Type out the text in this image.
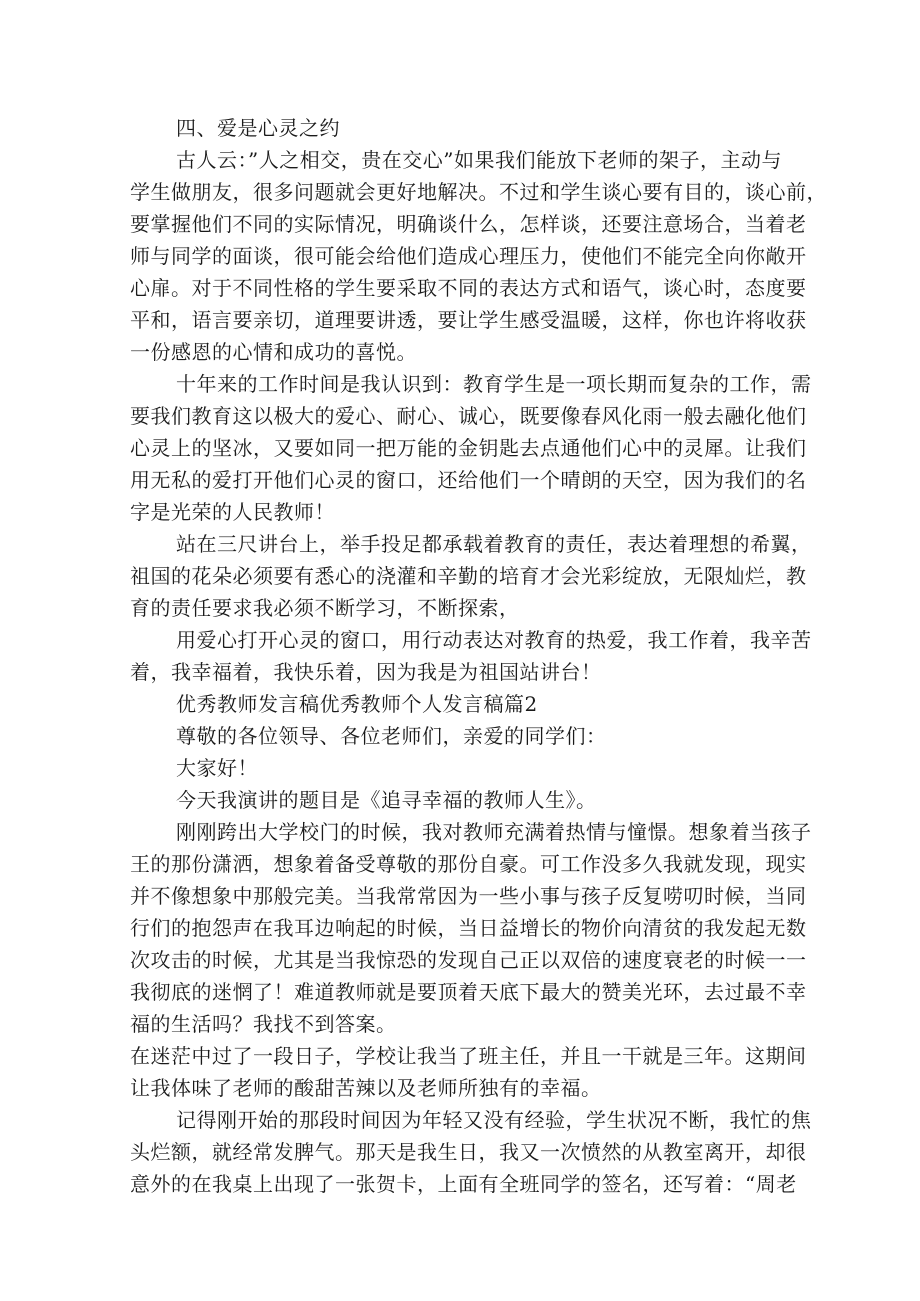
四、爱是心灵之约
古人云：”人之相交，贵在交心”如果我们能放下老师的架子，主动与
学生做朋友，很多问题就会更好地解决。不过和学生谈心要有目的，谈心前，
要掌握他们不同的实际情况，明确谈什么，怎样谈，还要注意场合，当着老
师与同学的面谈，很可能会给他们造成心理压力，使他们不能完全向你敞开
心扉。对于不同性格的学生要采取不同的表达方式和语气，谈心时，态度要
平和，语言要亲切，道理要讲透，要让学生感受温暖，这样，你也许将收获
一份感恩的心情和成功的喜悦。
十年来的工作时间是我认识到：教育学生是一项长期而复杂的工作，需
要我们教育这以极大的爱心、耐心、诚心，既要像春风化雨一般去融化他们
心灵上的坚冰，又要如同一把万能的金钥匙去点通他们心中的灵犀。让我们
用无私的爱打开他们心灵的窗口，还给他们一个晴朗的天空，因为我们的名
字是光荣的人民教师！
站在三尺讲台上，举手投足都承载着教育的责任，表达着理想的希翼，
祖国的花朵必须要有悉心的浇灌和辛勤的培育才会光彩绽放，无限灿烂，教
育的责任要求我必须不断学习，不断探索，
用爱心打开心灵的窗口，用行动表达对教育的热爱，我工作着，我辛苦
着，我幸福着，我快乐着，因为我是为祖国站讲台！
优秀教师发言稿优秀教师个人发言稿篇2
尊敬的各位领导、各位老师们，亲爱的同学们：
大家好！
今天我演讲的题目是《追寻幸福的教师人生》。
刚刚跨出大学校门的时候，我对教师充满着热情与憧憬。想象着当孩子
王的那份潇洒，想象着备受尊敬的那份自豪。可工作没多久我就发现，现实
并不像想象中那般完美。当我常常因为一些小事与孩子反复唠叨时候，当同
行们的抱怨声在我耳边响起的时候，当日益增长的物价向清贫的我发起无数
次攻击的时候，尤其是当我惊恐的发现自己正以双倍的速度衰老的时候一一
我彻底的迷惘了！难道教师就是要顶着天底下最大的赞美光环，去过最不幸
福的生活吗？我找不到答案。
在迷茫中过了一段日子，学校让我当了班主任，并且一干就是三年。这期间
让我体味了老师的酸甜苦辣以及老师所独有的幸福。
记得刚开始的那段时间因为年轻又没有经验，学生状况不断，我忙的焦
头烂额，就经常发脾气。那天是我生日，我又一次愤然的从教室离开，却很
意外的在我桌上出现了一张贺卡，上面有全班同学的签名，还写着：“周老
